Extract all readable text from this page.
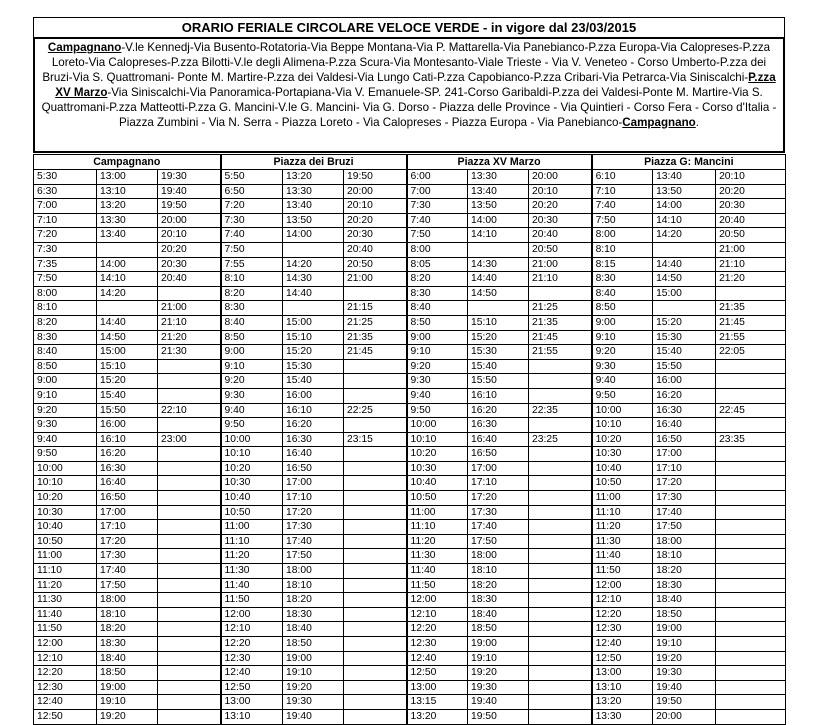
ORARIO FERIALE CIRCOLARE VELOCE VERDE - in vigore dal 23/03/2015
Campagnano-V.le Kennedj-Via Busento-Rotatoria-Via Beppe Montana-Via P. Mattarella-Via Panebianco-P.zza Europa-Via Calopreses-P.zza Loreto-Via Calopreses-P.zza Bilotti-V.le degli Alimena-P.zza Scura-Via Montesanto-Viale Trieste - Via V. Veneteo - Corso Umberto-P.zza dei Bruzi-Via S. Quattromani- Ponte M. Martire-P.zza dei Valdesi-Via Lungo Cati-P.zza Capobianco-P.zza Cribari-Via Petrarca-Via Siniscalchi-P.zza XV Marzo-Via Siniscalchi-Via Panoramica-Portapiana-Via V. Emanuele-SP. 241-Corso Garibaldi-P.zza dei Valdesi-Ponte M. Martire-Via S. Quattromani-P.zza Matteotti-P.zza G. Mancini-V.le G. Mancini- Via G. Dorso - Piazza delle Province - Via Quintieri - Corso Fera - Corso d'Italia - Piazza Zumbini - Via N. Serra - Piazza Loreto - Via Calopreses - Piazza Europa - Via Panebianco-Campagnano.
Campagnano			Piazza dei Bruzi			Piazza XV Marzo			Piazza G: Mancini		
5:30	13:00	19:30	5:50	13:20	19:50	6:00	13:30	20:00	6:10	13:40	20:10
6:30	13:10	19:40	6:50	13:30	20:00	7:00	13:40	20:10	7:10	13:50	20:20
7:00	13:20	19:50	7:20	13:40	20:10	7:30	13:50	20:20	7:40	14:00	20:30
7:10	13:30	20:00	7:30	13:50	20:20	7:40	14:00	20:30	7:50	14:10	20:40
7:20	13:40	20:10	7:40	14:00	20:30	7:50	14:10	20:40	8:00	14:20	20:50
7:30		20:20	7:50		20:40	8:00		20:50	8:10		21:00
7:35	14:00	20:30	7:55	14:20	20:50	8:05	14:30	21:00	8:15	14:40	21:10
7:50	14:10	20:40	8:10	14:30	21:00	8:20	14:40	21:10	8:30	14:50	21:20
8:00	14:20		8:20	14:40		8:30	14:50		8:40	15:00	
8:10		21:00	8:30		21:15	8:40		21:25	8:50		21:35
8:20	14:40	21:10	8:40	15:00	21:25	8:50	15:10	21:35	9:00	15:20	21:45
8:30	14:50	21:20	8:50	15:10	21:35	9:00	15:20	21:45	9:10	15:30	21:55
8:40	15:00	21:30	9:00	15:20	21:45	9:10	15:30	21:55	9:20	15:40	22:05
8:50	15:10		9:10	15:30		9:20	15:40		9:30	15:50	
9:00	15:20		9:20	15:40		9:30	15:50		9:40	16:00	
9:10	15:40		9:30	16:00		9:40	16:10		9:50	16:20	
9:20	15:50	22:10	9:40	16:10	22:25	9:50	16:20	22:35	10:00	16:30	22:45
9:30	16:00		9:50	16:20		10:00	16:30		10:10	16:40	
9:40	16:10	23:00	10:00	16:30	23:15	10:10	16:40	23:25	10:20	16:50	23:35
9:50	16:20		10:10	16:40		10:20	16:50		10:30	17:00	
10:00	16:30		10:20	16:50		10:30	17:00		10:40	17:10	
10:10	16:40		10:30	17:00		10:40	17:10		10:50	17:20	
10:20	16:50		10:40	17:10		10:50	17:20		11:00	17:30	
10:30	17:00		10:50	17:20		11:00	17:30		11:10	17:40	
10:40	17:10		11:00	17:30		11:10	17:40		11:20	17:50	
10:50	17:20		11:10	17:40		11:20	17:50		11:30	18:00	
11:00	17:30		11:20	17:50		11:30	18:00		11:40	18:10	
11:10	17:40		11:30	18:00		11:40	18:10		11:50	18:20	
11:20	17:50		11:40	18:10		11:50	18:20		12:00	18:30	
11:30	18:00		11:50	18:20		12:00	18:30		12:10	18:40	
11:40	18:10		12:00	18:30		12:10	18:40		12:20	18:50	
11:50	18:20		12:10	18:40		12:20	18:50		12:30	19:00	
12:00	18:30		12:20	18:50		12:30	19:00		12:40	19:10	
12:10	18:40		12:30	19:00		12:40	19:10		12:50	19:20	
12:20	18:50		12:40	19:10		12:50	19:20		13:00	19:30	
12:30	19:00		12:50	19:20		13:00	19:30		13:10	19:40	
12:40	19:10		13:00	19:30		13:15	19:40		13:20	19:50	
12:50	19:20		13:10	19:40		13:20	19:50		13:30	20:00	
